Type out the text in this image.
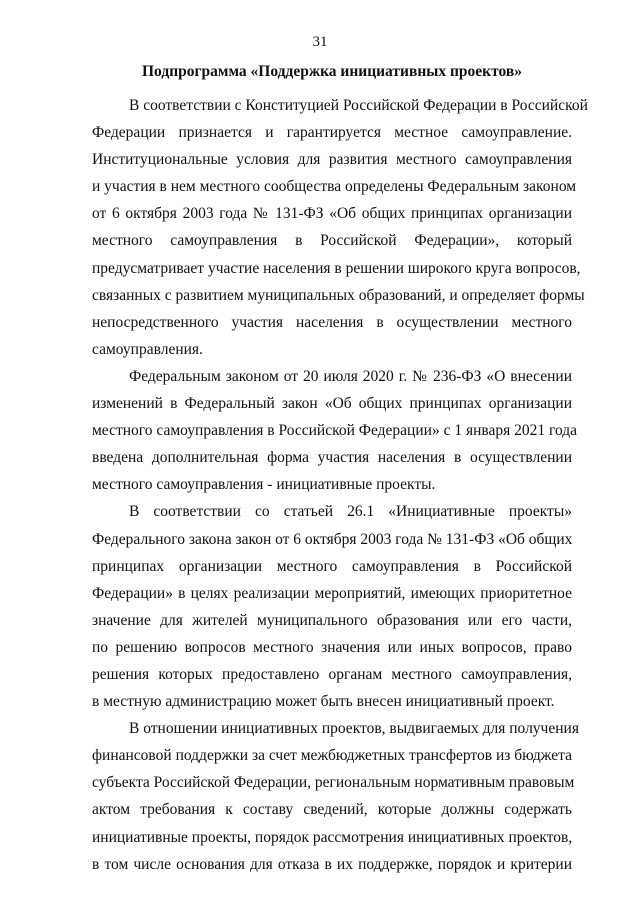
31
Подпрограмма «Поддержка инициативных проектов»
В соответствии с Конституцией Российской Федерации в Российской
Федерации признается и гарантируется местное самоуправление.
Институциональные условия для развития местного самоуправления
и участия в нем местного сообщества определены Федеральным законом
от 6 октября 2003 года № 131-ФЗ «Об общих принципах организации
местного самоуправления в Российской Федерации», который
предусматривает участие населения в решении широкого круга вопросов,
связанных с развитием муниципальных образований, и определяет формы
непосредственного участия населения в осуществлении местного
самоуправления.
Федеральным законом от 20 июля 2020 г. № 236-ФЗ «О внесении
изменений в Федеральный закон «Об общих принципах организации
местного самоуправления в Российской Федерации» с 1 января 2021 года
введена дополнительная форма участия населения в осуществлении
местного самоуправления - инициативные проекты.
В соответствии со статьей 26.1 «Инициативные проекты»
Федерального закона закон от 6 октября 2003 года № 131-ФЗ «Об общих
принципах организации местного самоуправления в Российской
Федерации» в целях реализации мероприятий, имеющих приоритетное
значение для жителей муниципального образования или его части,
по решению вопросов местного значения или иных вопросов, право
решения которых предоставлено органам местного самоуправления,
в местную администрацию может быть внесен инициативный проект.
В отношении инициативных проектов, выдвигаемых для получения
финансовой поддержки за счет межбюджетных трансфертов из бюджета
субъекта Российской Федерации, региональным нормативным правовым
актом требования к составу сведений, которые должны содержать
инициативные проекты, порядок рассмотрения инициативных проектов,
в том числе основания для отказа в их поддержке, порядок и критерии
